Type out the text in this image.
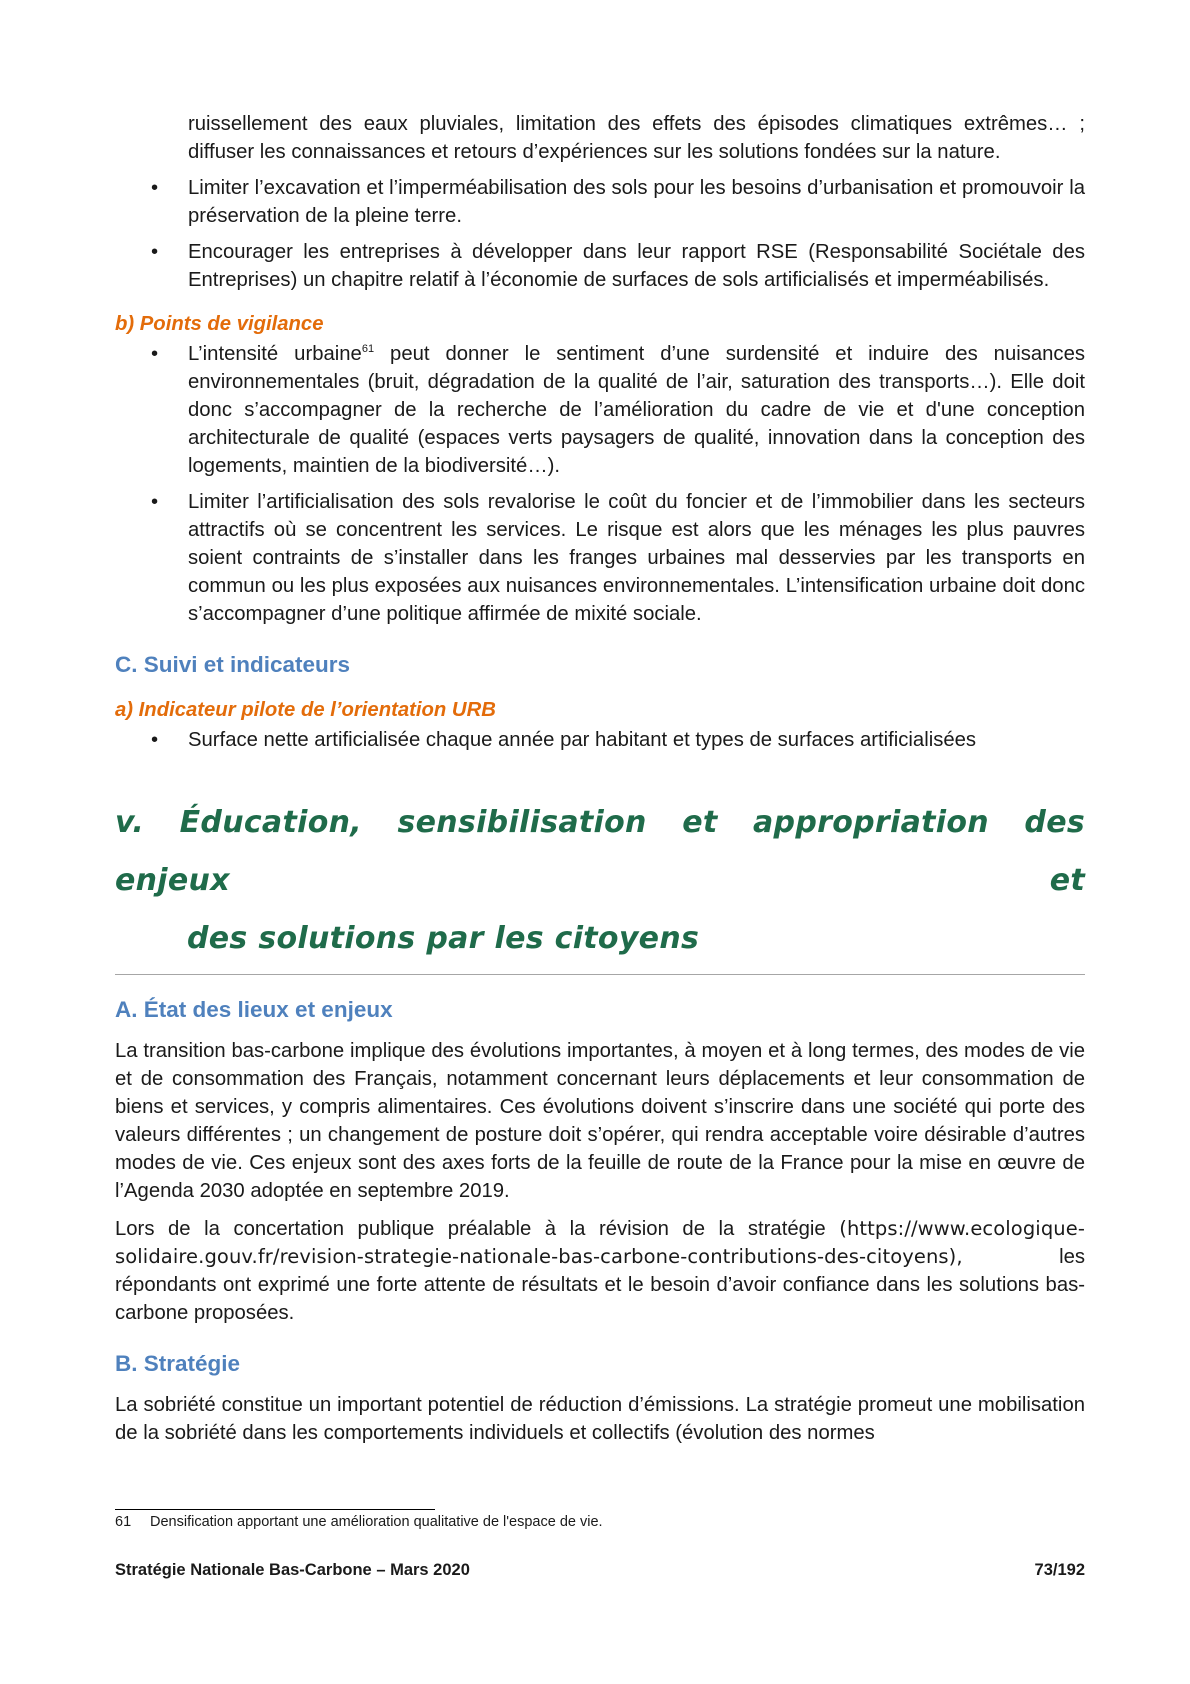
ruissellement des eaux pluviales, limitation des effets des épisodes climatiques extrêmes… ; diffuser les connaissances et retours d’expériences sur les solutions fondées sur la nature.

• Limiter l’excavation et l’imperméabilisation des sols pour les besoins d’urbanisation et promouvoir la préservation de la pleine terre.
• Encourager les entreprises à développer dans leur rapport RSE (Responsabilité Sociétale des Entreprises) un chapitre relatif à l’économie de surfaces de sols artificialisés et imperméabilisés.

b) Points de vigilance

• L’intensité urbaine$^{61}$ peut donner le sentiment d’une surdensité et induire des nuisances environnementales (bruit, dégradation de la qualité de l’air, saturation des transports…). Elle doit donc s’accompagner de la recherche de l’amélioration du cadre de vie et d'une conception architecturale de qualité (espaces verts paysagers de qualité, innovation dans la conception des logements, maintien de la biodiversité…).
• Limiter l’artificialisation des sols revalorise le coût du foncier et de l’immobilier dans les secteurs attractifs où se concentrent les services. Le risque est alors que les ménages les plus pauvres soient contraints de s’installer dans les franges urbaines mal desservies par les transports en commun ou les plus exposées aux nuisances environnementales. L’intensification urbaine doit donc s’accompagner d’une politique affirmée de mixité sociale.

C. Suivi et indicateurs

a) Indicateur pilote de l’orientation URB

• Surface nette artificialisée chaque année par habitant et types de surfaces artificialisées
v. Éducation, sensibilisation et appropriation des enjeux et
des solutions par les citoyens

A. État des lieux et enjeux

La transition bas-carbone implique des évolutions importantes, à moyen et à long termes, des modes de vie et de consommation des Français, notamment concernant leurs déplacements et leur consommation de biens et services, y compris alimentaires. Ces évolutions doivent s’inscrire dans une société qui porte des valeurs différentes ; un changement de posture doit s’opérer, qui rendra acceptable voire désirable d’autres modes de vie. Ces enjeux sont des axes forts de la feuille de route de la France pour la mise en œuvre de l’Agenda 2030 adoptée en septembre 2019.

Lors de la concertation publique préalable à la révision de la stratégie (https://www.ecologique-solidaire.gouv.fr/revision-strategie-nationale-bas-carbone-contributions-des-citoyens), les répondants ont exprimé une forte attente de résultats et le besoin d’avoir confiance dans les solutions bas-carbone proposées.

B. Stratégie

La sobriété constitue un important potentiel de réduction d’émissions. La stratégie promeut une mobilisation de la sobriété dans les comportements individuels et collectifs (évolution des normes

61 Densification apportant une amélioration qualitative de l'espace de vie.
Stratégie Nationale Bas-Carbone – Mars 2020	73/192
